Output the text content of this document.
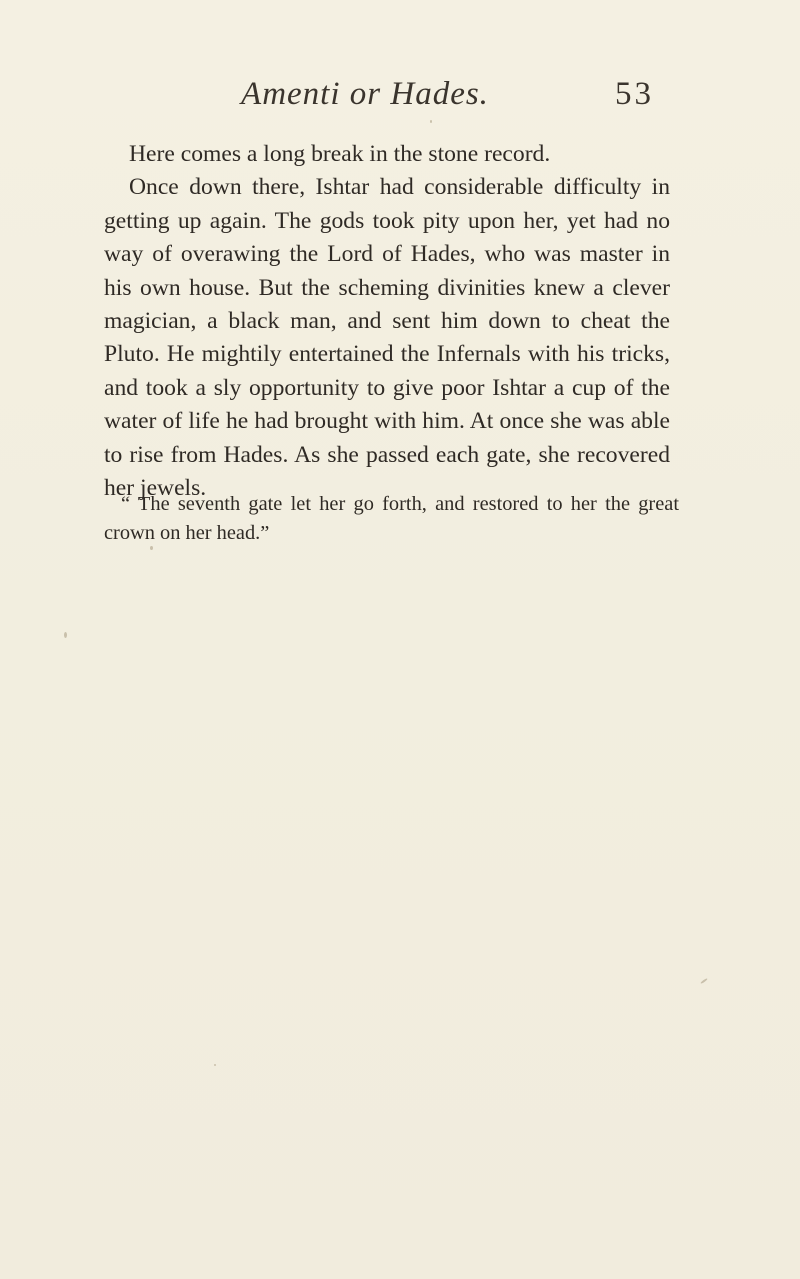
Amenti or Hades.	53

Here comes a long break in the stone record.

Once down there, Ishtar had considerable difficulty in getting up again. The gods took pity upon her, yet had no way of overawing the Lord of Hades, who was master in his own house. But the scheming divinities knew a clever magician, a black man, and sent him down to cheat the Pluto. He mightily entertained the Infernals with his tricks, and took a sly opportunity to give poor Ishtar a cup of the water of life he had brought with him. At once she was able to rise from Hades. As she passed each gate, she recovered her jewels.

“ The seventh gate let her go forth, and restored to her the great crown on her head.”
